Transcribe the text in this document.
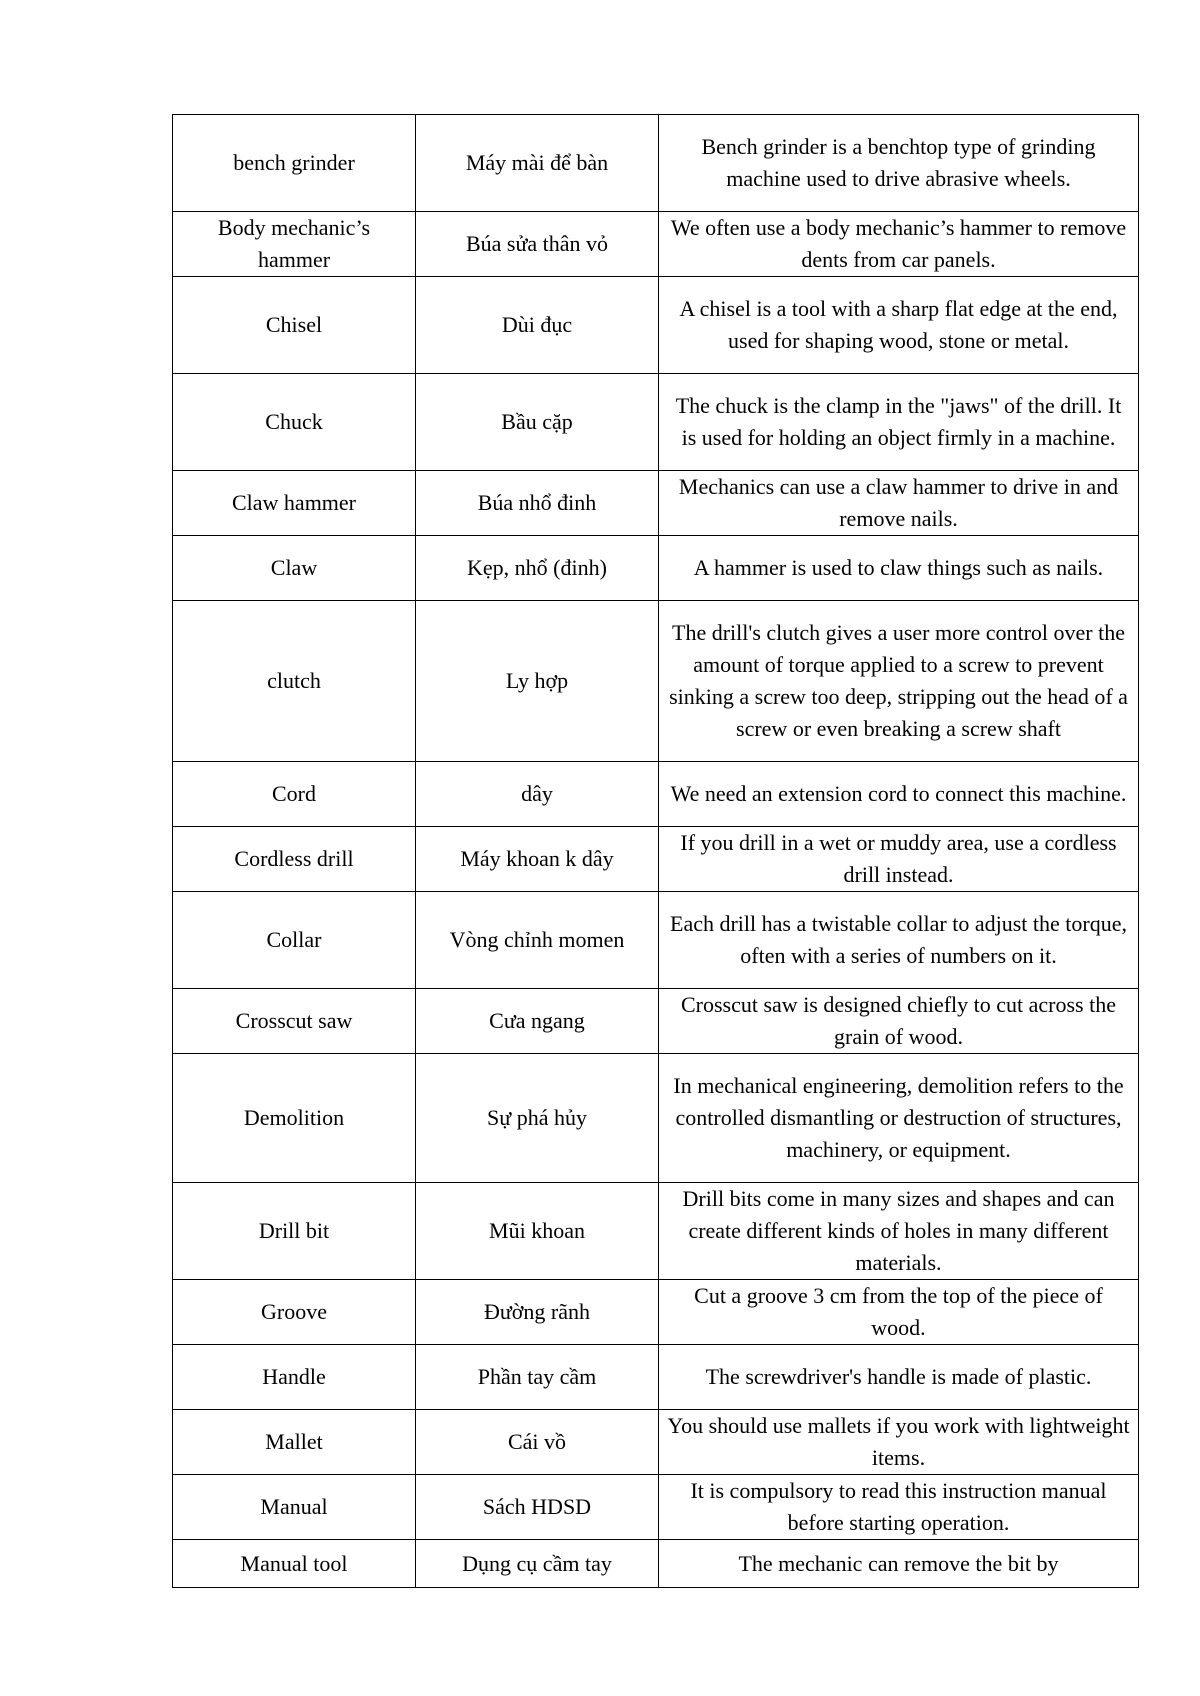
bench grinder	Máy mài để bàn	Bench grinder is a benchtop type of grinding machine used to drive abrasive wheels.
Body mechanic’s hammer	Búa sửa thân vỏ	We often use a body mechanic’s hammer to remove dents from car panels.
Chisel	Dùi đục	A chisel is a tool with a sharp flat edge at the end, used for shaping wood, stone or metal.
Chuck	Bầu cặp	The chuck is the clamp in the "jaws" of the drill. It is used for holding an object firmly in a machine.
Claw hammer	Búa nhổ đinh	Mechanics can use a claw hammer to drive in and remove nails.
Claw	Kẹp, nhổ (đinh)	A hammer is used to claw things such as nails.
clutch	Ly hợp	The drill's clutch gives a user more control over the amount of torque applied to a screw to prevent sinking a screw too deep, stripping out the head of a screw or even breaking a screw shaft
Cord	dây	We need an extension cord to connect this machine.
Cordless drill	Máy khoan k dây	If you drill in a wet or muddy area, use a cordless drill instead.
Collar	Vòng chỉnh momen	Each drill has a twistable collar to adjust the torque, often with a series of numbers on it.
Crosscut saw	Cưa ngang	Crosscut saw is designed chiefly to cut across the grain of wood.
Demolition	Sự phá hủy	In mechanical engineering, demolition refers to the controlled dismantling or destruction of structures, machinery, or equipment.
Drill bit	Mũi khoan	Drill bits come in many sizes and shapes and can create different kinds of holes in many different materials.
Groove	Đường rãnh	Cut a groove 3 cm from the top of the piece of wood.
Handle	Phần tay cầm	The screwdriver's handle is made of plastic.
Mallet	Cái vồ	You should use mallets if you work with lightweight items.
Manual	Sách HDSD	It is compulsory to read this instruction manual before starting operation.
Manual tool	Dụng cụ cầm tay	The mechanic can remove the bit by
